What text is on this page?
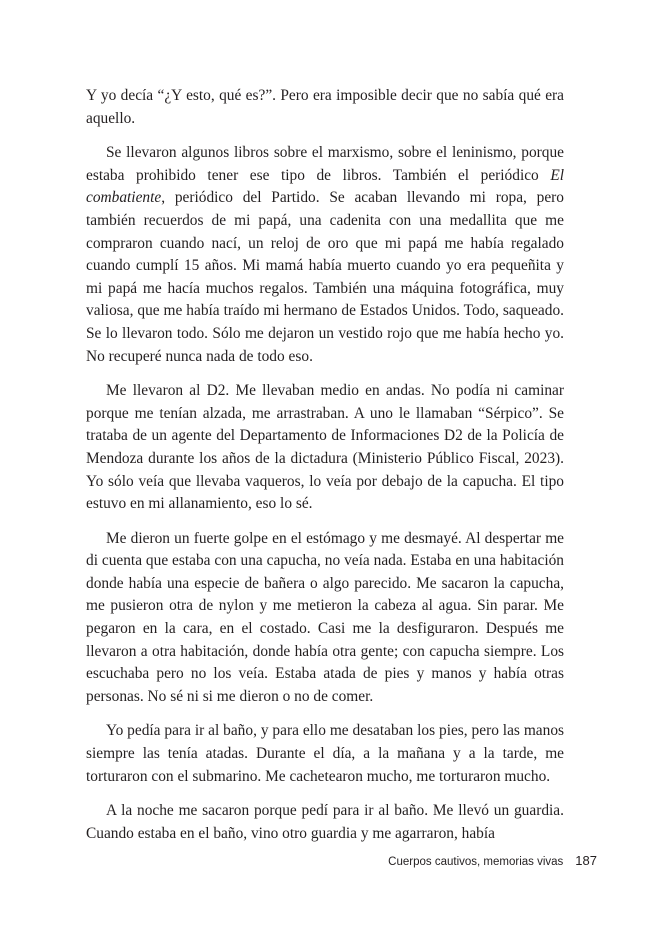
Y yo decía “¿Y esto, qué es?”. Pero era imposible decir que no sabía qué era aquello.

Se llevaron algunos libros sobre el marxismo, sobre el leninismo, porque estaba prohibido tener ese tipo de libros. También el periódico El combatiente, periódico del Partido. Se acaban llevando mi ropa, pero también recuerdos de mi papá, una cadenita con una medallita que me compraron cuando nací, un reloj de oro que mi papá me había regalado cuando cumplí 15 años. Mi mamá había muerto cuando yo era pequeñita y mi papá me hacía muchos regalos. También una máquina fotográfica, muy valiosa, que me había traído mi hermano de Estados Unidos. Todo, saqueado. Se lo llevaron todo. Sólo me dejaron un vestido rojo que me había hecho yo. No recuperé nunca nada de todo eso.

Me llevaron al D2. Me llevaban medio en andas. No podía ni caminar porque me tenían alzada, me arrastraban. A uno le llamaban “Sérpico”. Se trataba de un agente del Departamento de Informaciones D2 de la Policía de Mendoza durante los años de la dictadura (Ministerio Público Fiscal, 2023). Yo sólo veía que llevaba vaqueros, lo veía por debajo de la capucha. El tipo estuvo en mi allanamiento, eso lo sé.

Me dieron un fuerte golpe en el estómago y me desmayé. Al despertar me di cuenta que estaba con una capucha, no veía nada. Estaba en una habitación donde había una especie de bañera o algo parecido. Me sacaron la capucha, me pusieron otra de nylon y me metieron la cabeza al agua. Sin parar. Me pegaron en la cara, en el costado. Casi me la desfiguraron. Después me llevaron a otra habitación, donde había otra gente; con capucha siempre. Los escuchaba pero no los veía. Estaba atada de pies y manos y había otras personas. No sé ni si me dieron o no de comer.

Yo pedía para ir al baño, y para ello me desataban los pies, pero las manos siempre las tenía atadas. Durante el día, a la mañana y a la tarde, me torturaron con el submarino. Me cachetearon mucho, me torturaron mucho.

A la noche me sacaron porque pedí para ir al baño. Me llevó un guardia. Cuando estaba en el baño, vino otro guardia y me agarraron, había

Cuerpos cautivos, memorias vivas 187
